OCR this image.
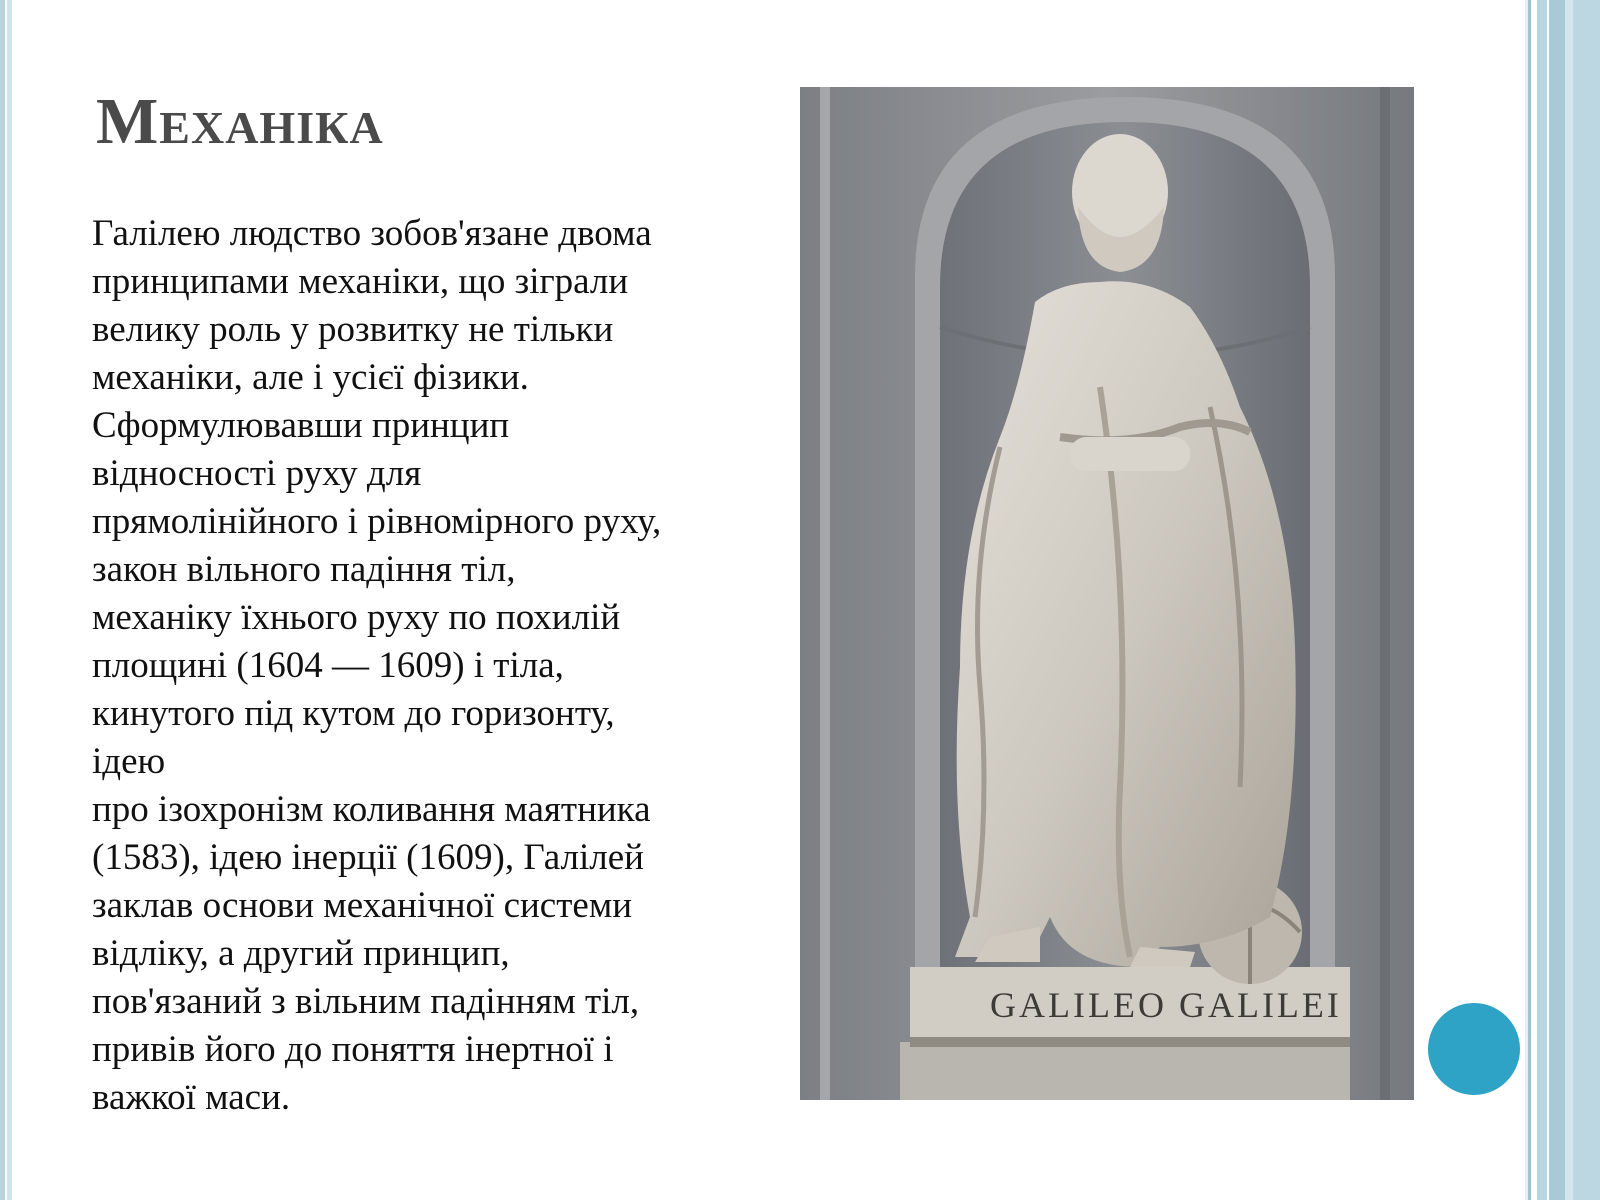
Механіка
Галілею людство зобов'язане двома
принципами механіки, що зіграли
велику роль у розвитку не тільки
механіки, але і усієї фізики.
Сформулювавши принцип
відносності руху для
прямолінійного і рівномірного руху,
закон вільного падіння тіл,
механіку їхнього руху по похилій
площині (1604 — 1609) і тіла,
кинутого під кутом до горизонту,
ідею
про ізохронізм коливання маятника
(1583), ідею інерції (1609), Галілей
заклав основи механічної системи
відліку, а другий принцип,
пов'язаний з вільним падінням тіл,
привів його до поняття інертної і
важкої маси.
GALILEO GALILEI
